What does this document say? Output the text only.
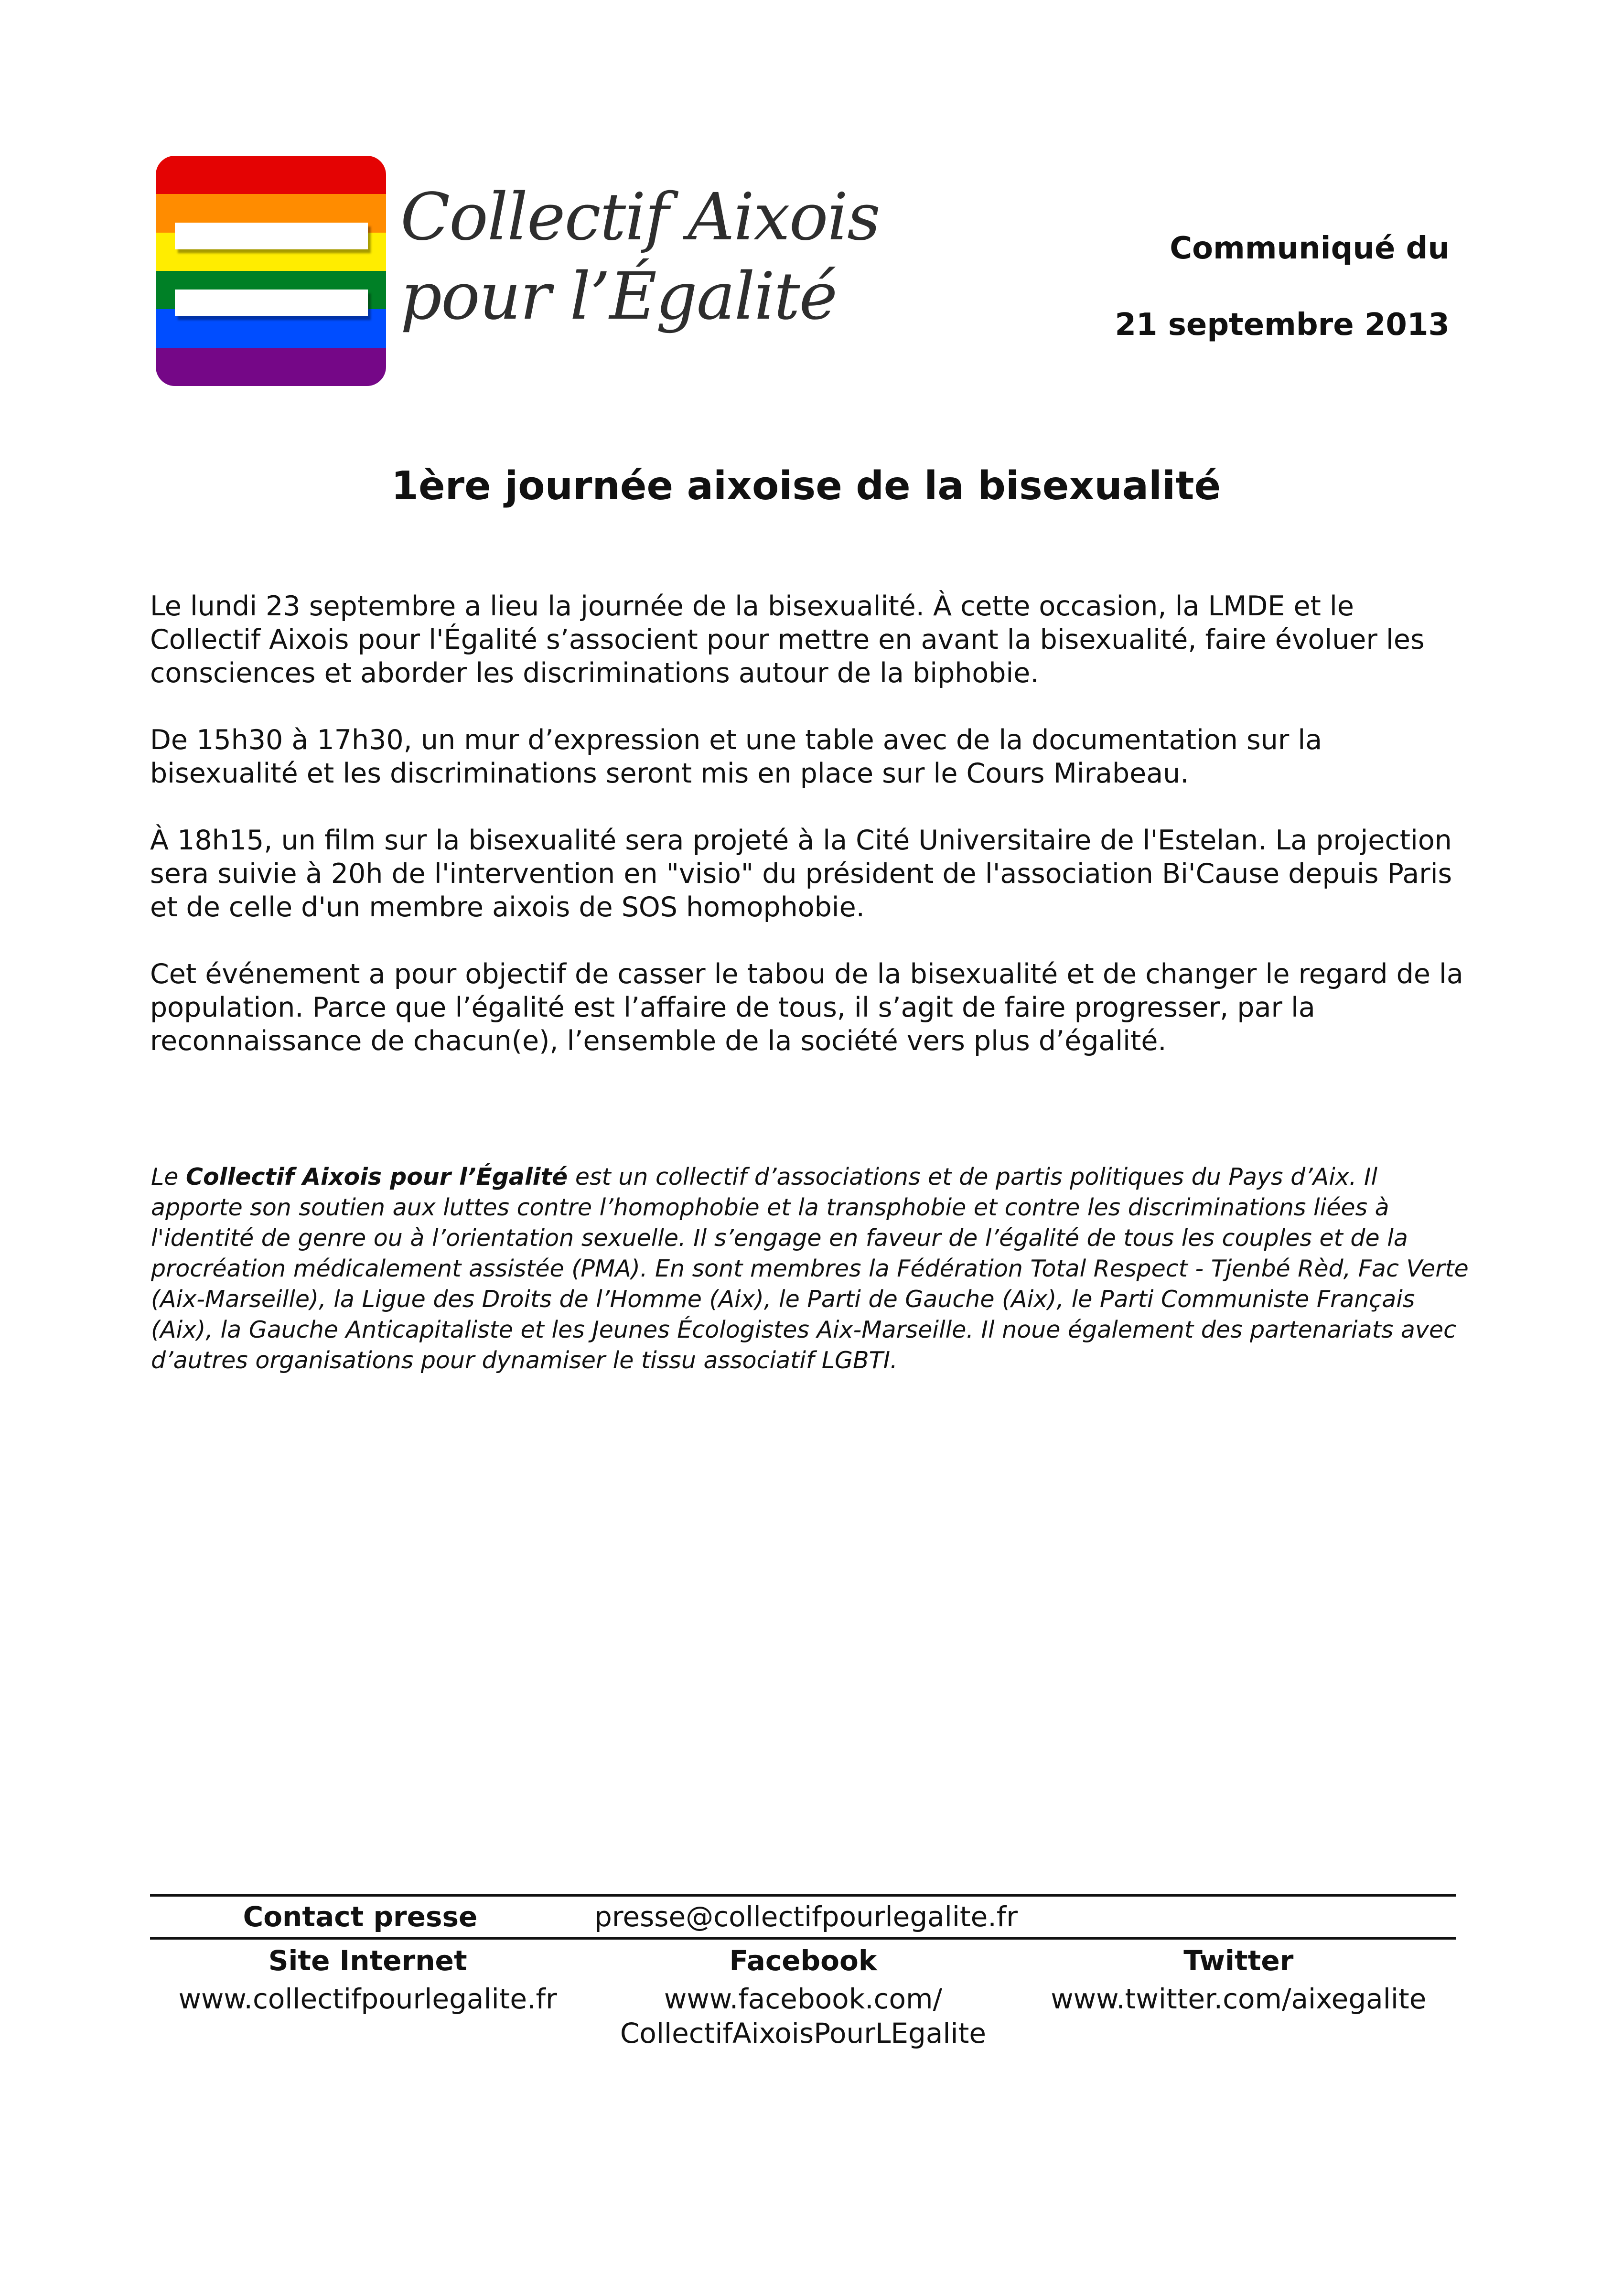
Collectif Aixois
pour l’Égalité
Communiqué du
21 septembre 2013
1ère journée aixoise de la bisexualité

Le lundi 23 septembre a lieu la journée de la bisexualité. À cette occasion, la LMDE et le Collectif Aixois pour l'Égalité s’associent pour mettre en avant la bisexualité, faire évoluer les consciences et aborder les discriminations autour de la biphobie.

De 15h30 à 17h30, un mur d’expression et une table avec de la documentation sur la bisexualité et les discriminations seront mis en place sur le Cours Mirabeau.

À 18h15, un film sur la bisexualité sera projeté à la Cité Universitaire de l'Estelan. La projection sera suivie à 20h de l'intervention en "visio" du président de l'association Bi'Cause depuis Paris et de celle d'un membre aixois de SOS homophobie.

Cet événement a pour objectif de casser le tabou de la bisexualité et de changer le regard de la population. Parce que l’égalité est l’affaire de tous, il s’agit de faire progresser, par la reconnaissance de chacun(e), l’ensemble de la société vers plus d’égalité.

Le Collectif Aixois pour l’Égalité est un collectif d’associations et de partis politiques du Pays d’Aix. Il apporte son soutien aux luttes contre l’homophobie et la transphobie et contre les discriminations liées à l'identité de genre ou à l’orientation sexuelle. Il s’engage en faveur de l’égalité de tous les couples et de la procréation médicalement assistée (PMA). En sont membres la Fédération Total Respect - Tjenbé Rèd, Fac Verte (Aix-Marseille), la Ligue des Droits de l’Homme (Aix), le Parti de Gauche (Aix), le Parti Communiste Français (Aix), la Gauche Anticapitaliste et les Jeunes Écologistes Aix-Marseille. Il noue également des partenariats avec d’autres organisations pour dynamiser le tissu associatif LGBTI.
Contact presse	presse@collectifpourlegalite.fr
Site Internet
www.collectifpourlegalite.fr
Facebook
www.facebook.com/
CollectifAixoisPourLEgalite
Twitter
www.twitter.com/aixegalite
